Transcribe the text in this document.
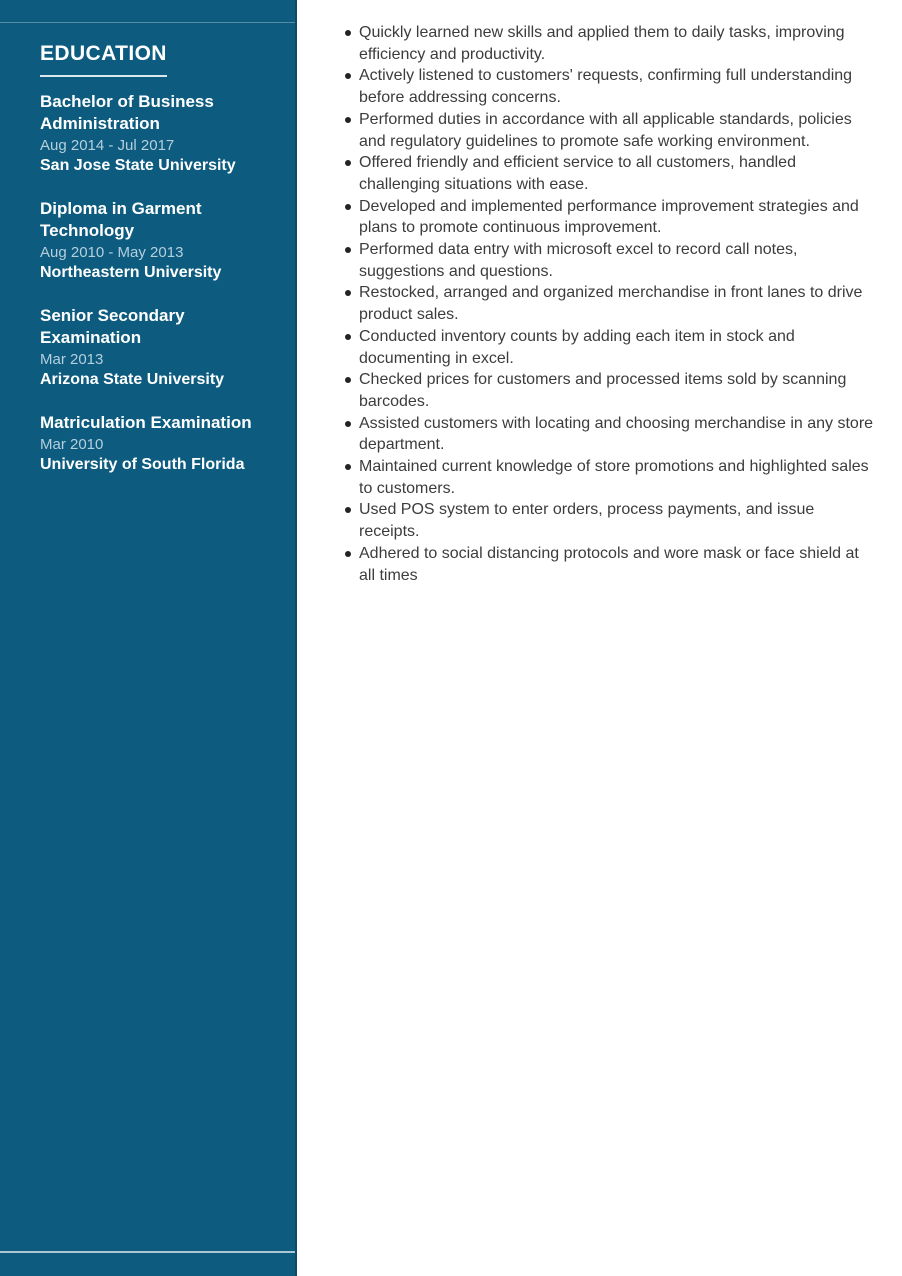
EDUCATION
Bachelor of Business Administration
Aug 2014 - Jul 2017
San Jose State University
Diploma in Garment Technology
Aug 2010 - May 2013
Northeastern University
Senior Secondary Examination
Mar 2013
Arizona State University
Matriculation Examination
Mar 2010
University of South Florida
Quickly learned new skills and applied them to daily tasks, improving efficiency and productivity.
Actively listened to customers' requests, confirming full understanding before addressing concerns.
Performed duties in accordance with all applicable standards, policies and regulatory guidelines to promote safe working environment.
Offered friendly and efficient service to all customers, handled challenging situations with ease.
Developed and implemented performance improvement strategies and plans to promote continuous improvement.
Performed data entry with microsoft excel to record call notes, suggestions and questions.
Restocked, arranged and organized merchandise in front lanes to drive product sales.
Conducted inventory counts by adding each item in stock and documenting in excel.
Checked prices for customers and processed items sold by scanning barcodes.
Assisted customers with locating and choosing merchandise in any store department.
Maintained current knowledge of store promotions and highlighted sales to customers.
Used POS system to enter orders, process payments, and issue receipts.
Adhered to social distancing protocols and wore mask or face shield at all times
